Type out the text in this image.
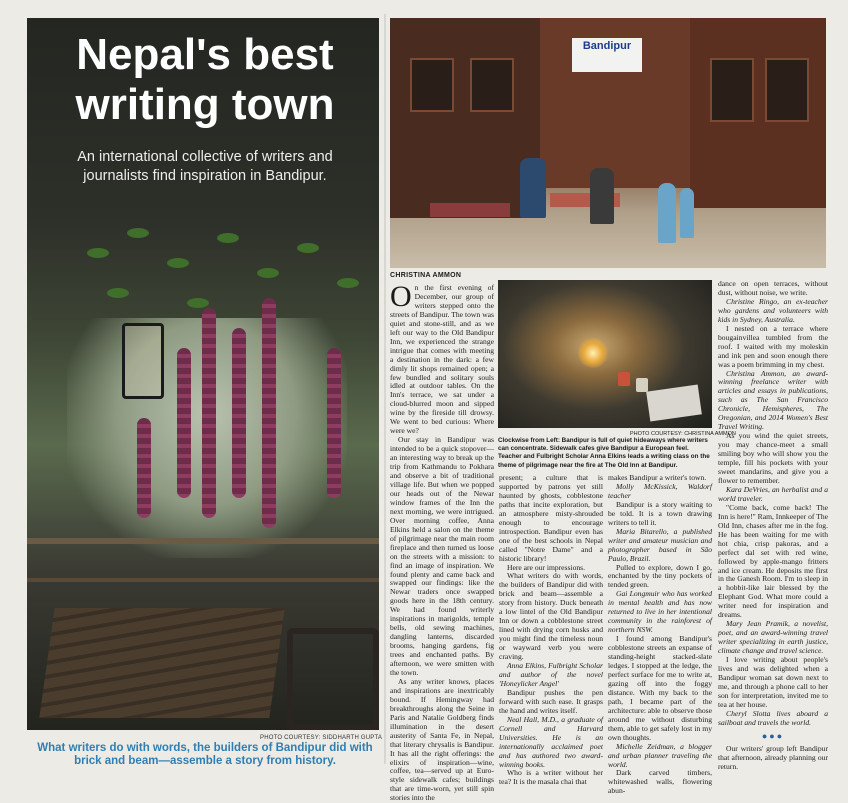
Nepal's best writing town

An international collective of writers and journalists find inspiration in Bandipur.

PHOTO COURTESY: SIDDHARTH GUPTA

What writers do with words, the builders of Bandipur did with brick and beam—assemble a story from history.

Bandipur
CHRISTINA AMMON
PHOTO COURTESY: CHRISTINA AMMON

Clockwise from Left: Bandipur is full of quiet hideaways where writers can concentrate. Sidewalk cafes give Bandipur a European feel. Teacher and Fulbright Scholar Anna Elkins leads a writing class on the theme of pilgrimage near the fire at The Old Inn at Bandipur.

O n the first evening of December, our group of writers stepped onto the streets of Bandipur. The town was quiet and stone-still, and as we left our way to the Old Bandipur Inn, we experienced the strange intrigue that comes with meeting a destination in the dark: a few dimly lit shops remained open; a few bundled and solitary souls idled at outdoor tables. On the Inn's terrace, we sat under a cloud-blurred moon and sipped wine by the fireside till drowsy. We went to bed curious: Where were we?

Our stay in Bandipur was intended to be a quick stopover—an interesting way to break up the trip from Kathmandu to Pokhara and observe a bit of traditional village life. But when we popped our heads out of the Newar window frames of the Inn the next morning, we were intrigued. Over morning coffee, Anna Elkins held a salon on the theme of pilgrimage near the main room fireplace and then turned us loose on the streets with a mission: to find an image of inspiration. We found plenty and came back and swapped our findings: like the Newar traders once swapped goods here in the 18th century. We had found writerly inspirations in marigolds, temple bells, old sewing machines, dangling lanterns, discarded brooms, hanging gardens, fig trees and enchanted paths. By afternoon, we were smitten with the town.

As any writer knows, places and inspirations are inextricably bound. If Hemingway had breakthroughs along the Seine in Paris and Natalie Goldberg finds illumination in the desert austerity of Santa Fe, in Nepal, that literary chrysalis is Bandipur. It has all the right offerings: the elixirs of inspiration—wine, coffee, tea—served up at Euro-style sidewalk cafes; buildings that are time-worn, yet still spin stories into the

present; a culture that is supported by patrons yet still haunted by ghosts, cobblestone paths that incite exploration, but an atmosphere misty-shrouded enough to encourage introspection. Bandipur even has one of the best schools in Nepal called "Notre Dame" and a historic library!

Here are our impressions.

What writers do with words, the builders of Bandipur did with brick and beam—assemble a story from history. Duck beneath a low lintel of the Old Bandipur Inn or down a cobblestone street lined with drying corn husks and you might find the timeless noun or wayward verb you were craving.

Anna Elkins, Fulbright Scholar and author of the novel 'Honeylicker Angel'

Bandipur pushes the pen forward with such ease. It grasps the hand and writes itself.

Neal Hall, M.D., a graduate of Cornell and Harvard Universities. He is an internationally acclaimed poet and has authored two award-winning books.

Who is a writer without her tea? It is the masala chai that

makes Bandipur a writer's town.

Molly McKissick, Waldorf teacher

Bandipur is a story waiting to be told. It is a town drawing writers to tell it.

Maria Bitarello, a published writer and amateur musician and photographer based in São Paulo, Brazil.

Pulled to explore, down I go, enchanted by the tiny pockets of tended green.

Gai Longmuir who has worked in mental health and has now returned to live in her intentional community in the rainforest of northern NSW.

I found among Bandipur's cobblestone streets an expanse of standing-height stacked-slate ledges. I stopped at the ledge, the perfect surface for me to write at, gazing off into the foggy distance. With my back to the path, I became part of the architecture: able to observe those around me without disturbing them, able to get safely lost in my own thoughts.

Michelle Zeidman, a blogger and urban planner traveling the world.

Dark carved timbers, whitewashed walls, flowering abun-

dance on open terraces, without dust, without noise, we write.

Christine Ringo, an ex-teacher who gardens and volunteers with kids in Sydney, Australia.

I nested on a terrace where bougainvillea tumbled from the roof. I waited with my moleskin and ink pen and soon enough there was a poem brimming in my chest.

Christina Ammon, an award-winning freelance writer with articles and essays in publications, such as The San Francisco Chronicle, Hemispheres, The Oregonian, and 2014 Women's Best Travel Writing.

As you wind the quiet streets, you may chance-meet a small smiling boy who will show you the temple, fill his pockets with your sweet mandarins, and give you a flower to remember.

Kara DeVries, an herbalist and a world traveler.

"Come back, come back! The Inn is here!" Ram, Innkeeper of The Old Inn, chases after me in the fog. He has been waiting for me with hot chia, crisp pakoras, and a perfect dal set with red wine, followed by apple-mango fritters and ice cream. He deposits me first in the Ganesh Room. I'm to sleep in a hobbit-like lair blessed by the Elephant God. What more could a writer need for inspiration and dreams.

Mary Jean Pramik, a novelist, poet, and an award-winning travel writer specializing in earth justice, climate change and travel science.

I love writing about people's lives and was delighted when a Bandipur woman sat down next to me, and through a phone call to her son for interpretation, invited me to tea at her house.

Cheryl Slotta lives aboard a sailboat and travels the world.

●●●

Our writers' group left Bandipur that afternoon, already planning our return.
